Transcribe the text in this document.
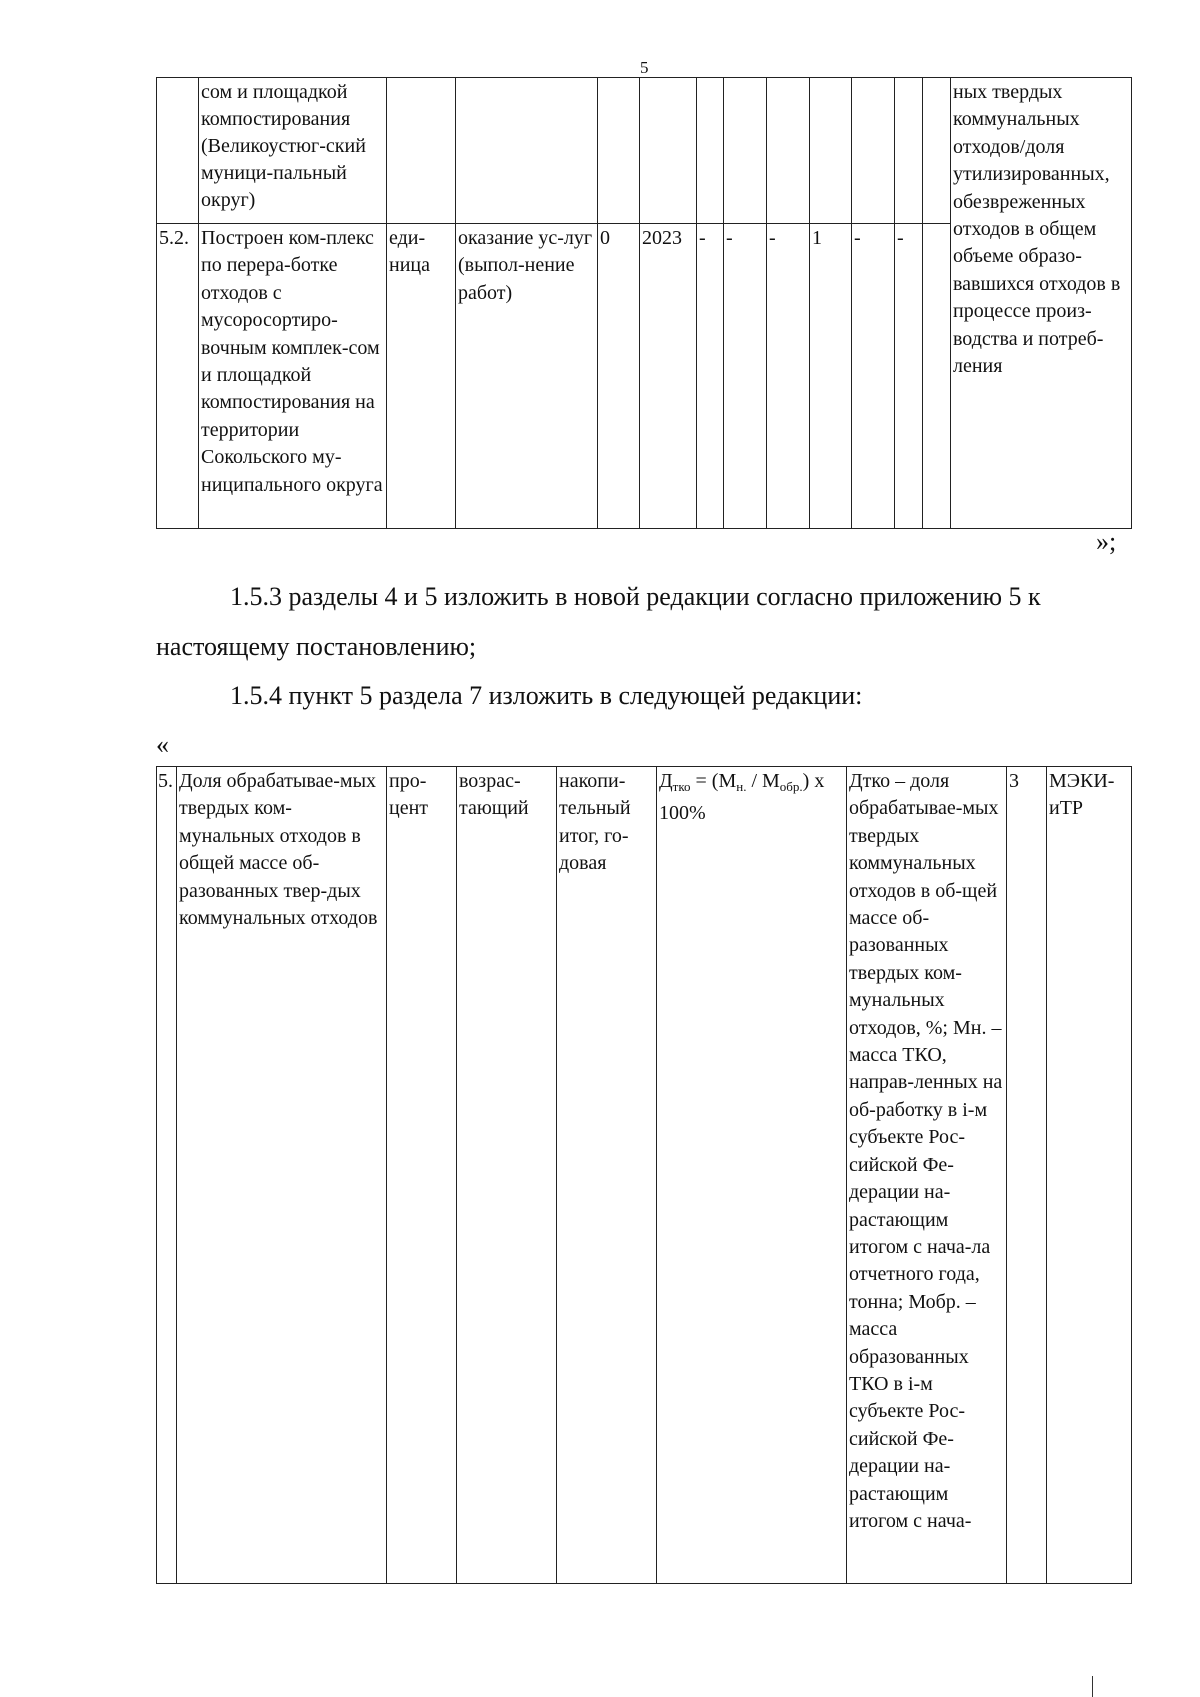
5
	сом и площадкой компостирования (Великоустюг-ский муници-пальный округ)												ных твердых коммунальных отходов/доля утилизированных, обезвреженных отходов в общем объеме образо-вавшихся отходов в процессе произ-водства и потреб-ления
5.2.	Построен ком-плекс по перера-ботке отходов с мусоросортиро-вочным комплек-сом и площадкой компостирования на территории Сокольского му-ниципального округа	еди-ница	оказание ус-луг (выпол-нение работ)	0	2023	-	-	-	1	-	-		
»;
1.5.3 разделы 4 и 5 изложить в новой редакции согласно приложению 5 к
настоящему постановлению;
1.5.4 пункт 5 раздела 7 изложить в следующей редакции:
«
5.	Доля обрабатывае-мых твердых ком-мунальных отходов в общей массе об-разованных твер-дых коммунальных отходов	про-цент	возрас-тающий	накопи-тельный итог, го-довая	$Д_{тко} = (М_{н.} / М_{обр.})$ х 100%	Дтко – доля обрабатывае-мых твердых коммунальных отходов в об-щей массе об-разованных твердых ком-мунальных отходов, %; Мн. – масса ТКО, направ-ленных на об-работку в i-м субъекте Рос-сийской Фе-дерации на-растающим итогом с нача-ла отчетного года, тонна; Мобр. – масса образованных ТКО в i-м субъекте Рос-сийской Фе-дерации на-растающим итогом с нача-	3	МЭКИ-иТР
